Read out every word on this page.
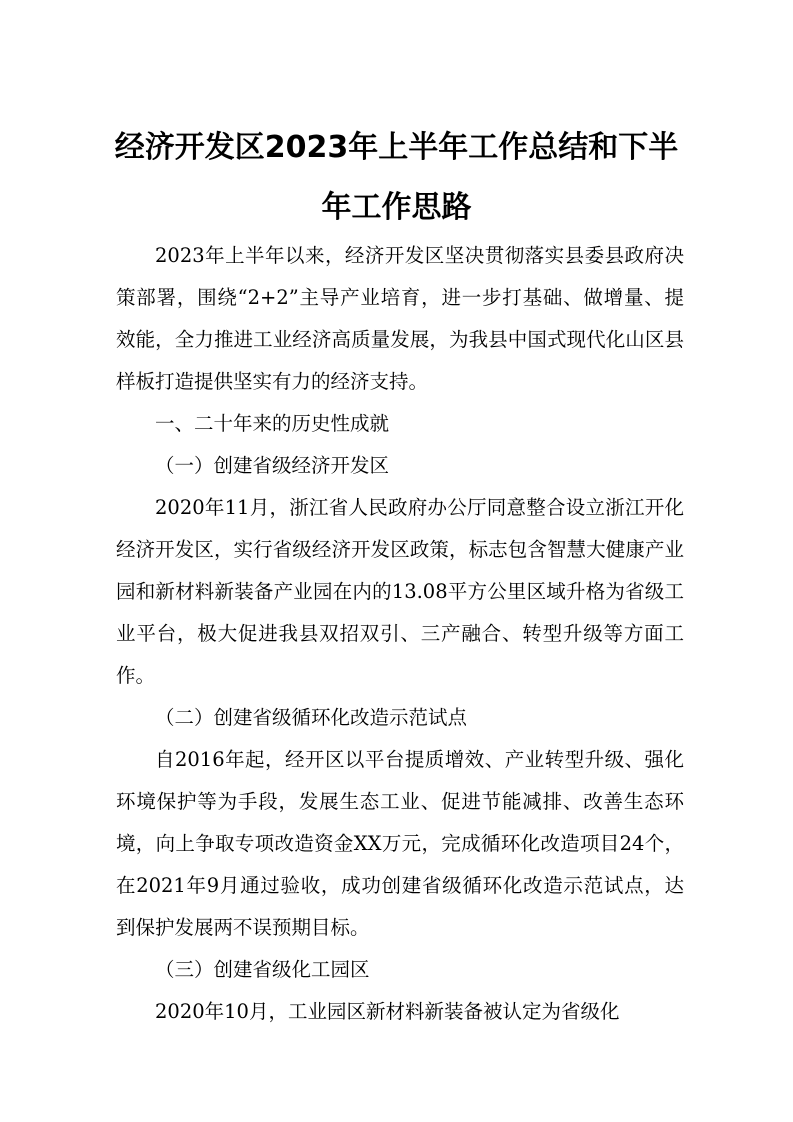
经济开发区2023年上半年工作总结和下半年工作思路

2023年上半年以来，经济开发区坚决贯彻落实县委县政府决策部署，围绕“2+2”主导产业培育，进一步打基础、做增量、提效能，全力推进工业经济高质量发展，为我县中国式现代化山区县样板打造提供坚实有力的经济支持。

一、二十年来的历史性成就

（一）创建省级经济开发区

2020年11月，浙江省人民政府办公厅同意整合设立浙江开化经济开发区，实行省级经济开发区政策，标志包含智慧大健康产业园和新材料新装备产业园在内的13.08平方公里区域升格为省级工业平台，极大促进我县双招双引、三产融合、转型升级等方面工作。

（二）创建省级循环化改造示范试点

自2016年起，经开区以平台提质增效、产业转型升级、强化环境保护等为手段，发展生态工业、促进节能减排、改善生态环境，向上争取专项改造资金XX万元，完成循环化改造项目24个，在2021年9月通过验收，成功创建省级循环化改造示范试点，达到保护发展两不误预期目标。

（三）创建省级化工园区

2020年10月，工业园区新材料新装备被认定为省级化
